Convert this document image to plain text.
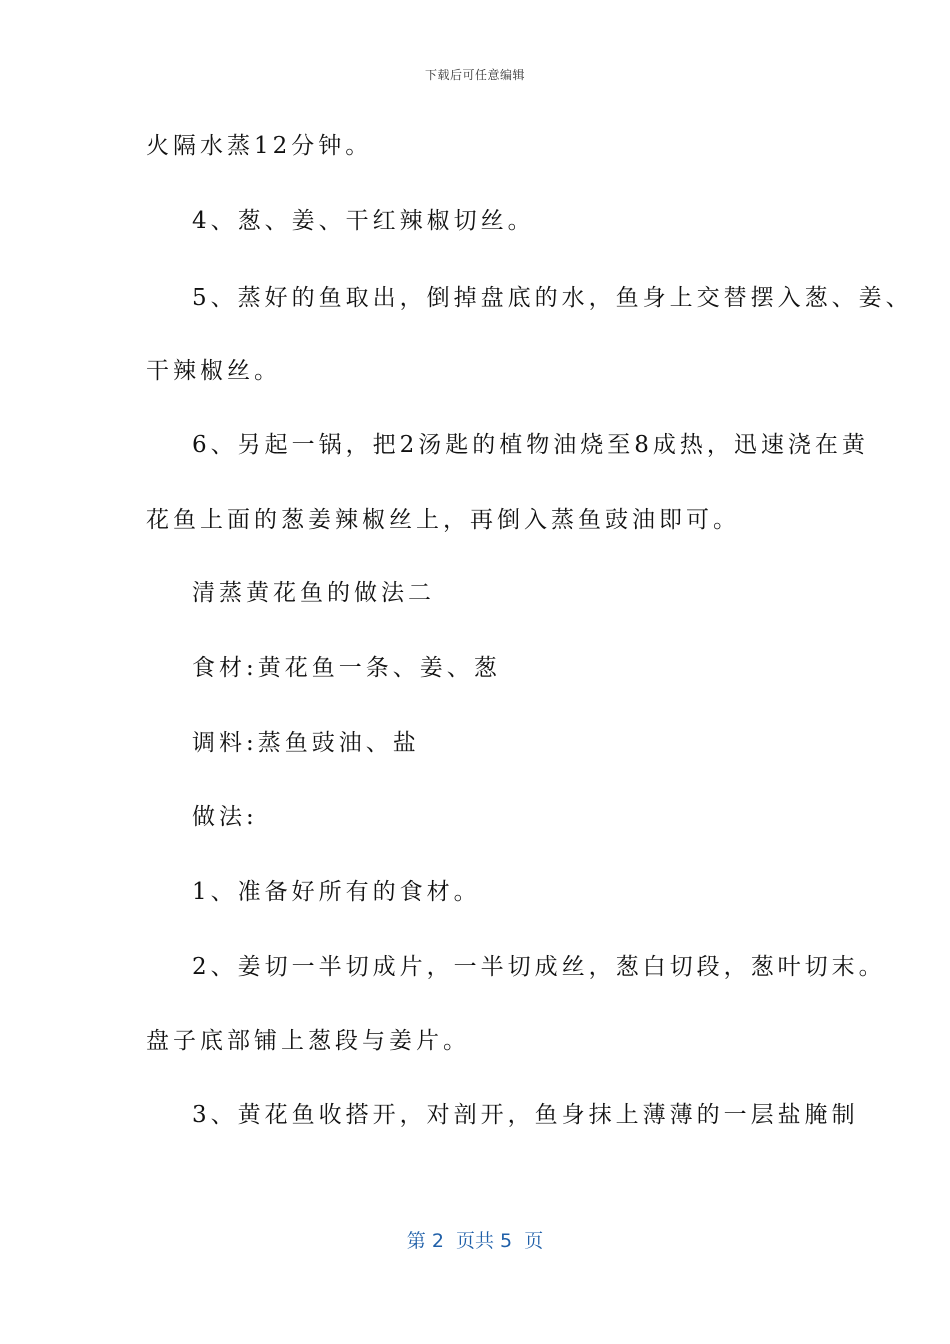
下载后可任意编辑
火隔水蒸12分钟。
4、葱、姜、干红辣椒切丝。
5、蒸好的鱼取出，倒掉盘底的水，鱼身上交替摆入葱、姜、
干辣椒丝。
6、另起一锅，把2汤匙的植物油烧至8成热，迅速浇在黄
花鱼上面的葱姜辣椒丝上，再倒入蒸鱼豉油即可。
清蒸黄花鱼的做法二
食材:黄花鱼一条、姜、葱
调料:蒸鱼豉油、盐
做法:
1、准备好所有的食材。
2、姜切一半切成片，一半切成丝，葱白切段，葱叶切末。
盘子底部铺上葱段与姜片。
3、黄花鱼收搭开，对剖开，鱼身抹上薄薄的一层盐腌制
第 2  页共 5  页
